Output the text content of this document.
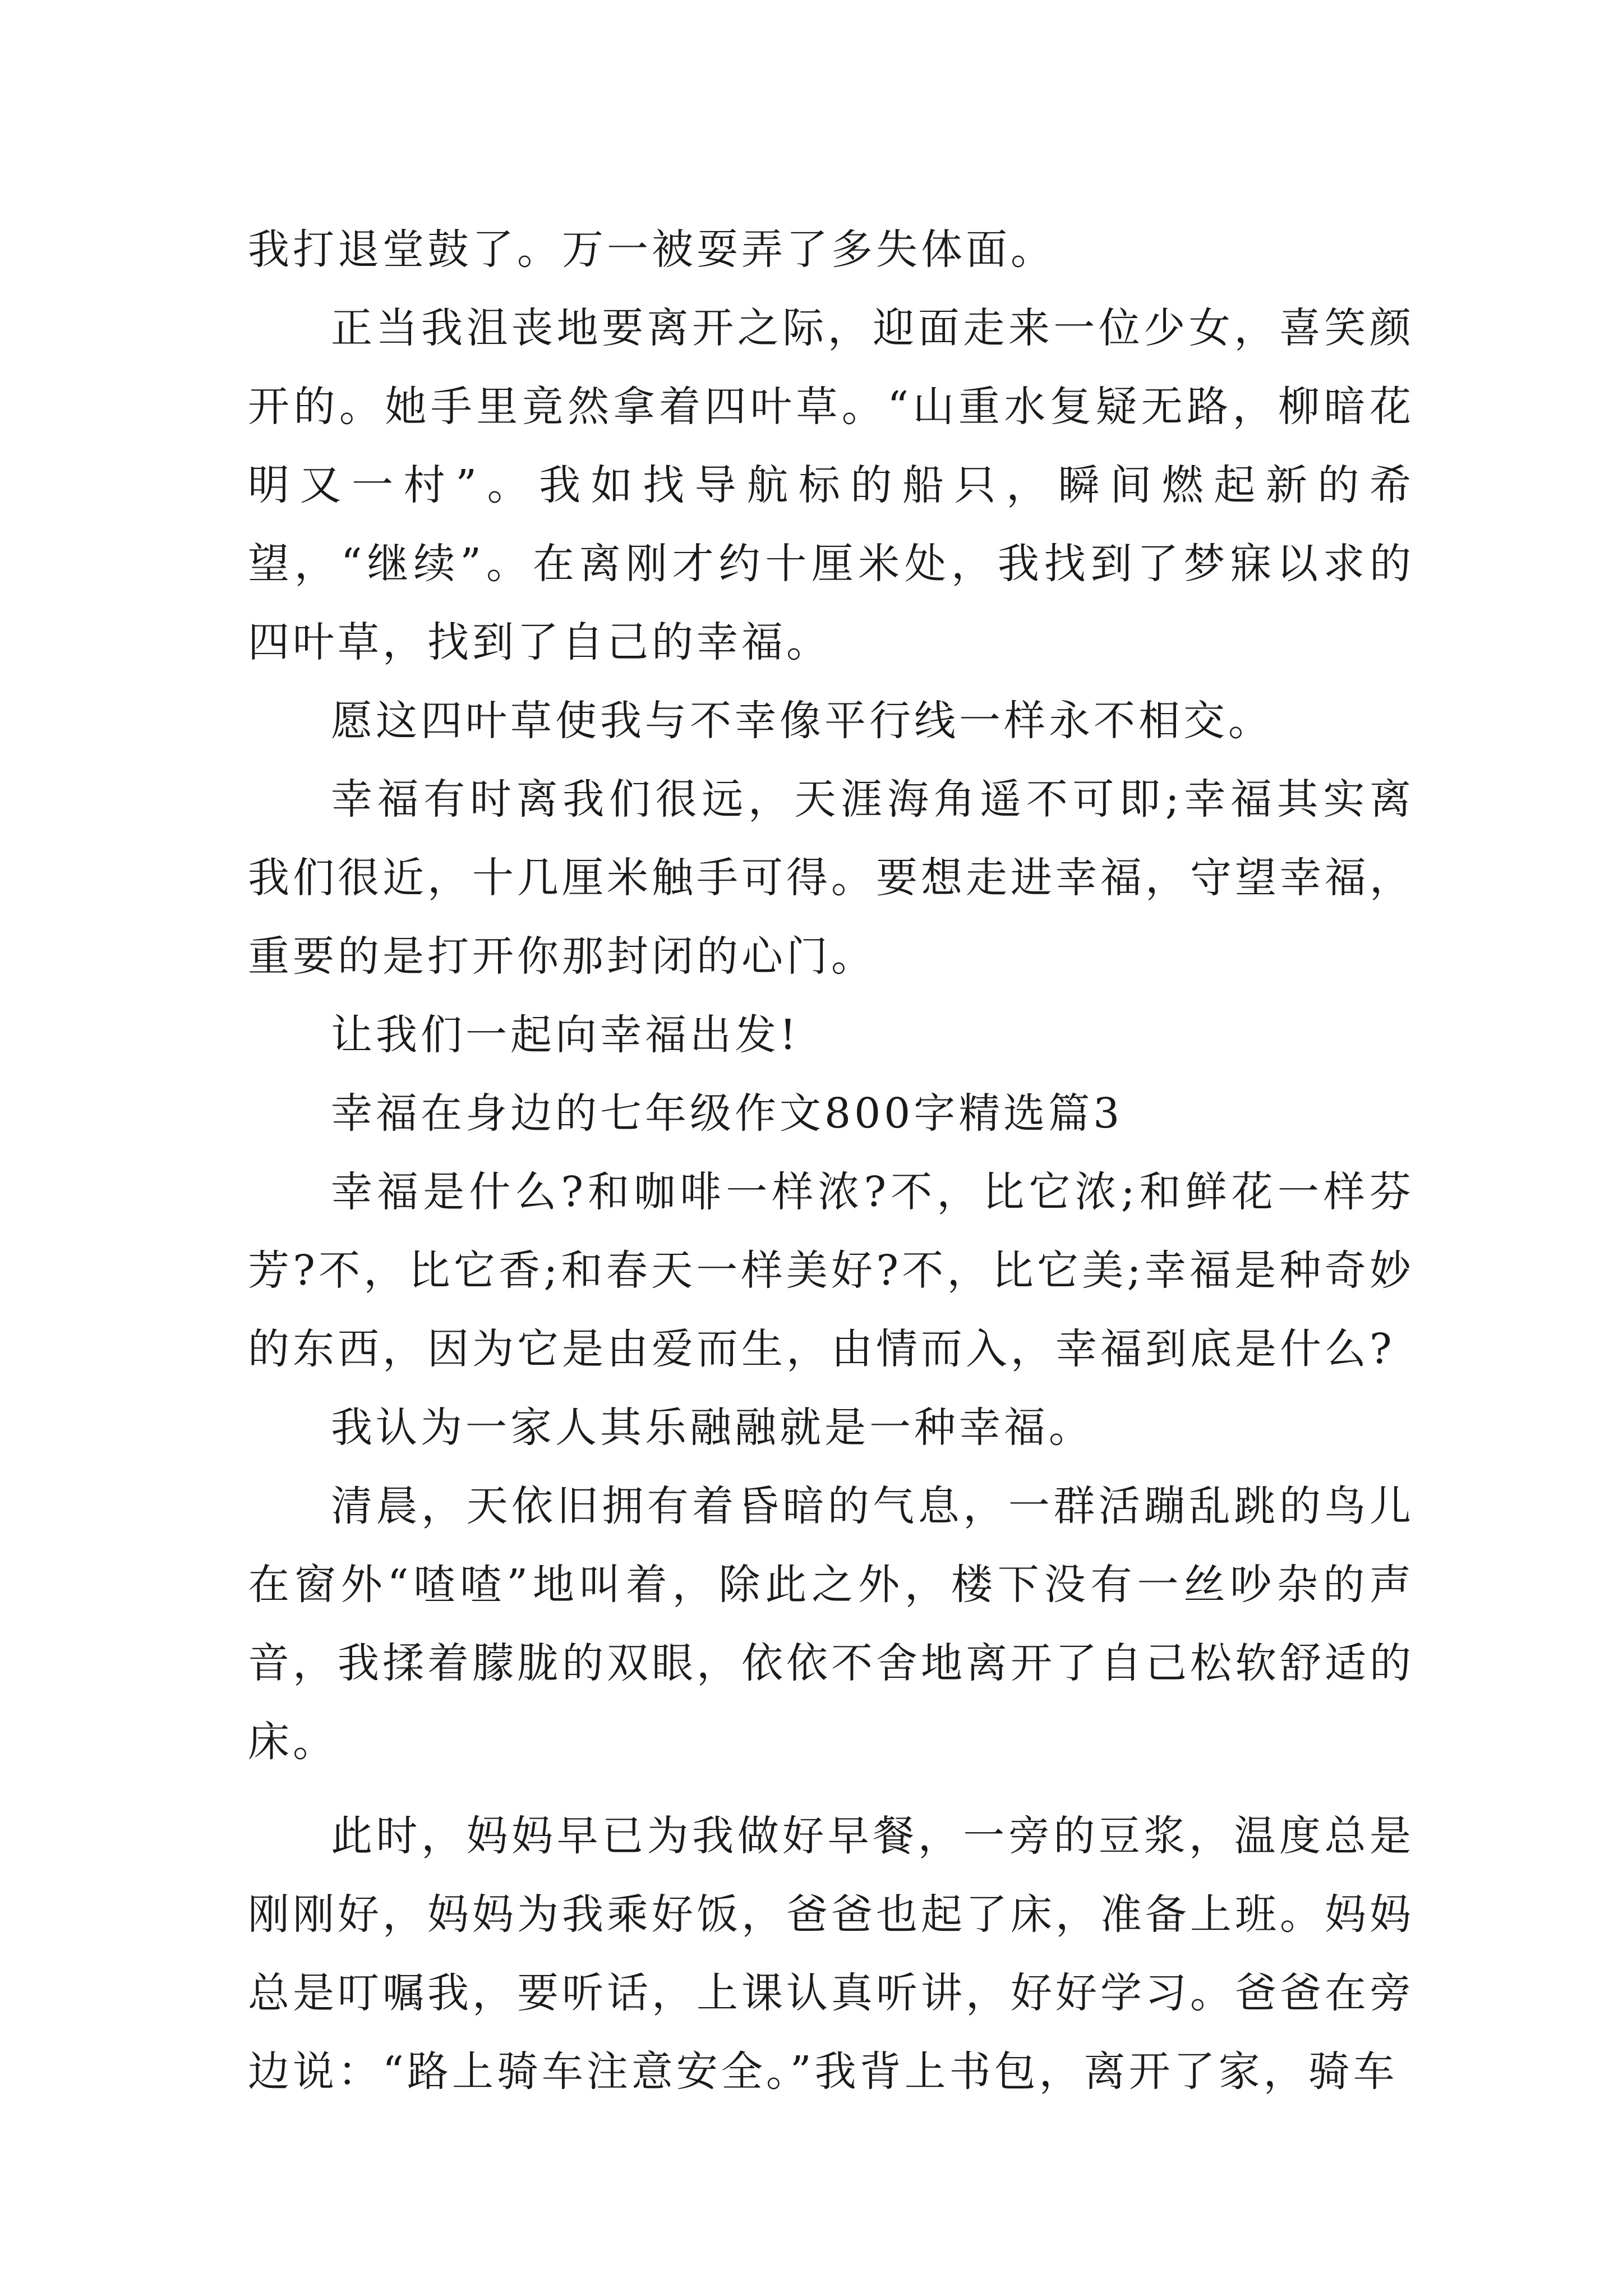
我打退堂鼓了。万一被耍弄了多失体面。

正当我沮丧地要离开之际，迎面走来一位少女，喜笑颜开的。她手里竟然拿着四叶草。“山重水复疑无路，柳暗花明又一村”。我如找导航标的船只，瞬间燃起新的希望，“继续”。在离刚才约十厘米处，我找到了梦寐以求的四叶草，找到了自己的幸福。

愿这四叶草使我与不幸像平行线一样永不相交。

幸福有时离我们很远，天涯海角遥不可即;幸福其实离我们很近，十几厘米触手可得。要想走进幸福，守望幸福，重要的是打开你那封闭的心门。

让我们一起向幸福出发!

幸福在身边的七年级作文800字精选篇3

幸福是什么?和咖啡一样浓?不，比它浓;和鲜花一样芬芳?不，比它香;和春天一样美好?不，比它美;幸福是种奇妙的东西，因为它是由爱而生，由情而入，幸福到底是什么?

我认为一家人其乐融融就是一种幸福。

清晨，天依旧拥有着昏暗的气息，一群活蹦乱跳的鸟儿在窗外“喳喳”地叫着，除此之外，楼下没有一丝吵杂的声音，我揉着朦胧的双眼，依依不舍地离开了自己松软舒适的床。

此时，妈妈早已为我做好早餐，一旁的豆浆，温度总是刚刚好，妈妈为我乘好饭，爸爸也起了床，准备上班。妈妈总是叮嘱我，要听话，上课认真听讲，好好学习。爸爸在旁边说：“路上骑车注意安全。”我背上书包，离开了家，骑车
